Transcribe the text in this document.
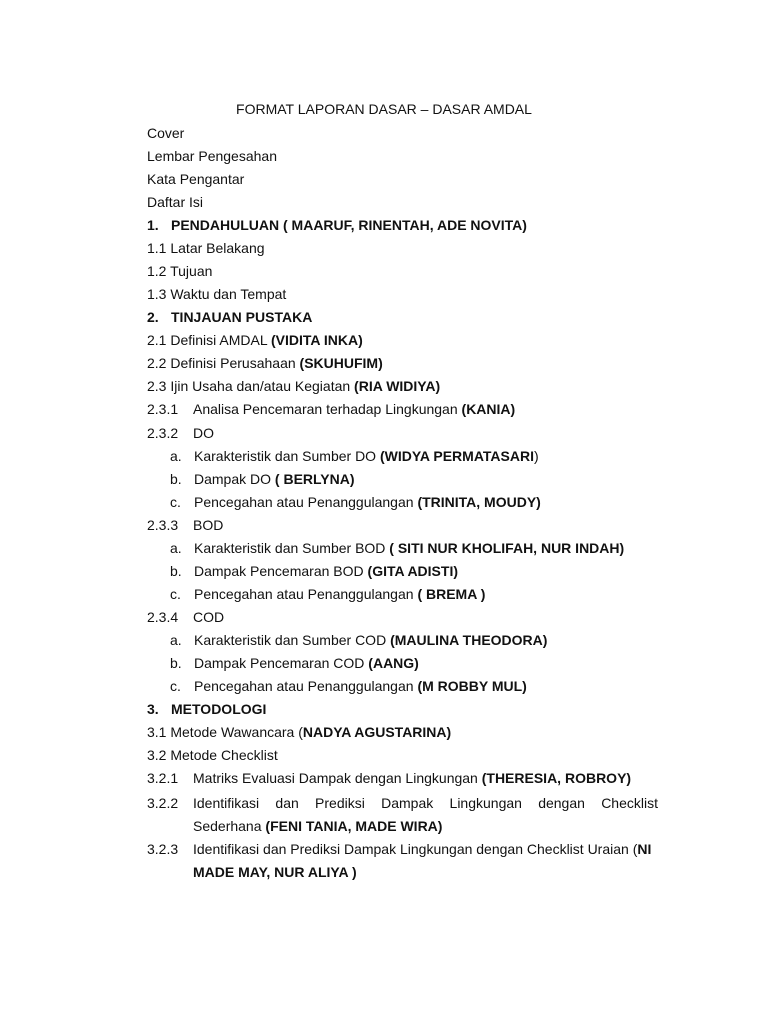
FORMAT LAPORAN DASAR – DASAR AMDAL
Cover
Lembar Pengesahan
Kata Pengantar
Daftar Isi
1. PENDAHULUAN ( MAARUF, RINENTAH, ADE NOVITA)
1.1 Latar Belakang
1.2 Tujuan
1.3 Waktu dan Tempat
2. TINJAUAN PUSTAKA
2.1 Definisi AMDAL (VIDITA INKA)
2.2 Definisi Perusahaan (SKUHUFIM)
2.3 Ijin Usaha dan/atau Kegiatan (RIA WIDIYA)
2.3.1 Analisa Pencemaran terhadap Lingkungan (KANIA)
2.3.2 DO
a. Karakteristik dan Sumber DO (WIDYA PERMATASARI)
b. Dampak DO ( BERLYNA)
c. Pencegahan atau Penanggulangan (TRINITA, MOUDY)
2.3.3 BOD
a. Karakteristik dan Sumber BOD ( SITI NUR KHOLIFAH, NUR INDAH)
b. Dampak Pencemaran BOD (GITA ADISTI)
c. Pencegahan atau Penanggulangan ( BREMA )
2.3.4 COD
a. Karakteristik dan Sumber COD (MAULINA THEODORA)
b. Dampak Pencemaran COD (AANG)
c. Pencegahan atau Penanggulangan (M ROBBY MUL)
3. METODOLOGI
3.1 Metode Wawancara (NADYA AGUSTARINA)
3.2 Metode Checklist
3.2.1 Matriks Evaluasi Dampak dengan Lingkungan (THERESIA, ROBROY)
3.2.2 Identifikasi dan Prediksi Dampak Lingkungan dengan Checklist
Sederhana (FENI TANIA, MADE WIRA)
3.2.3 Identifikasi dan Prediksi Dampak Lingkungan dengan Checklist Uraian (NI
MADE MAY, NUR ALIYA )
